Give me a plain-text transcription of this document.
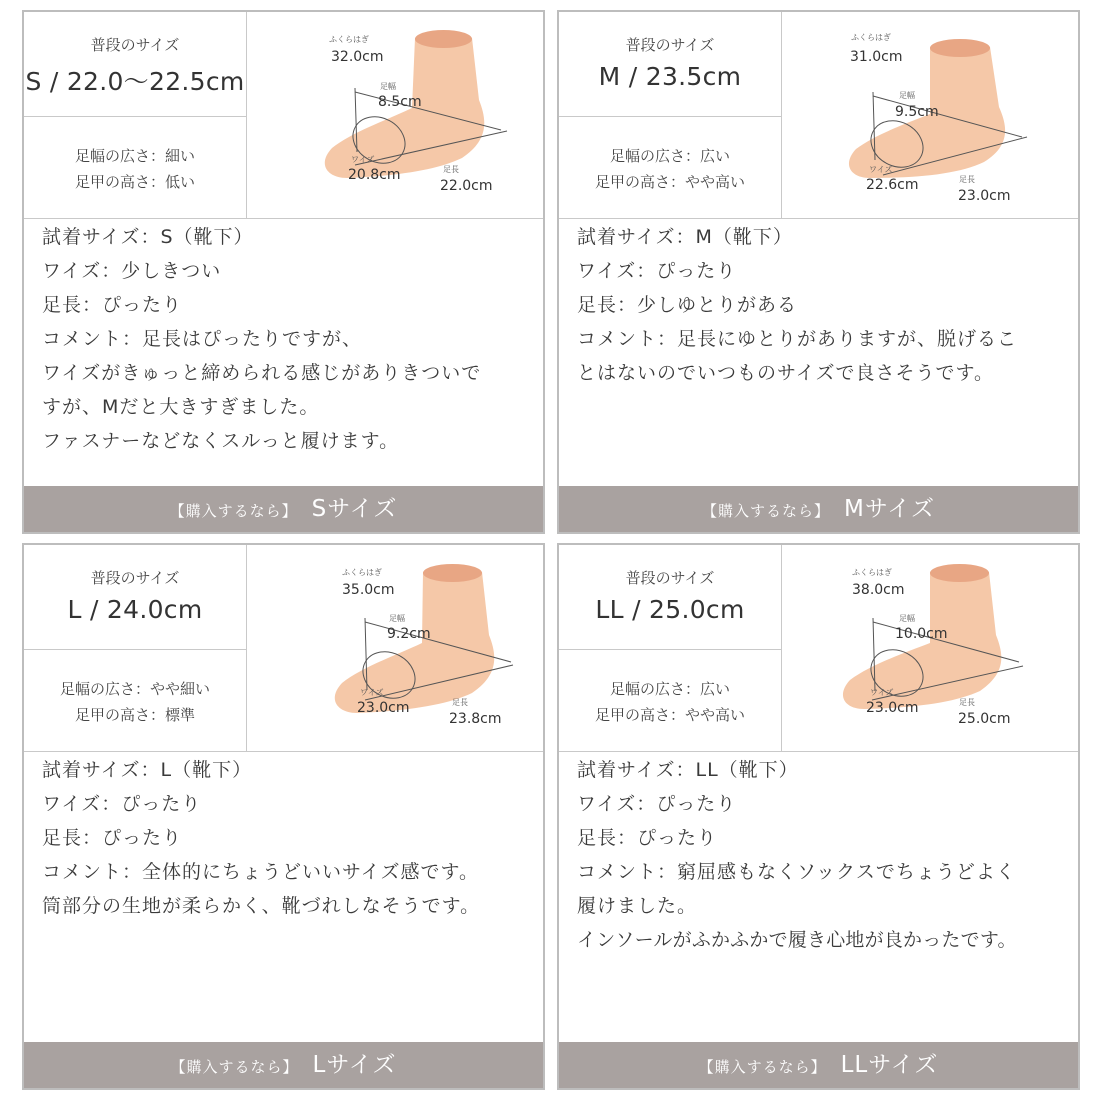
普段のサイズ
S / 22.0〜22.5cm
足幅の広さ：細い
足甲の高さ：低い
ふくらはぎ
32.0cm
足幅
8.5cm
ワイズ
20.8cm	足長
22.0cm
試着サイズ：S（靴下）
ワイズ：少しきつい
足長：ぴったり
コメント：足長はぴったりですが、
ワイズがきゅっと締められる感じがありきついで
すが、Mだと大きすぎました。
ファスナーなどなくスルっと履けます。
【購入するなら】 Sサイズ
普段のサイズ
M / 23.5cm
足幅の広さ：広い
足甲の高さ：やや高い
ふくらはぎ
31.0cm
足幅
9.5cm
ワイズ
22.6cm	足長
23.0cm
試着サイズ：M（靴下）
ワイズ：ぴったり
足長：少しゆとりがある
コメント：足長にゆとりがありますが、脱げるこ
とはないのでいつものサイズで良さそうです。
【購入するなら】 Mサイズ
普段のサイズ
L / 24.0cm
足幅の広さ：やや細い
足甲の高さ：標準
ふくらはぎ
35.0cm
足幅
9.2cm
ワイズ
23.0cm	足長
23.8cm
試着サイズ：L（靴下）
ワイズ：ぴったり
足長：ぴったり
コメント：全体的にちょうどいいサイズ感です。
筒部分の生地が柔らかく、靴づれしなそうです。
【購入するなら】 Lサイズ
普段のサイズ
LL / 25.0cm
足幅の広さ：広い
足甲の高さ：やや高い
ふくらはぎ
38.0cm
足幅
10.0cm
ワイズ
23.0cm	足長
25.0cm
試着サイズ：LL（靴下）
ワイズ：ぴったり
足長：ぴったり
コメント：窮屈感もなくソックスでちょうどよく
履けました。
インソールがふかふかで履き心地が良かったです。
【購入するなら】 LLサイズ
